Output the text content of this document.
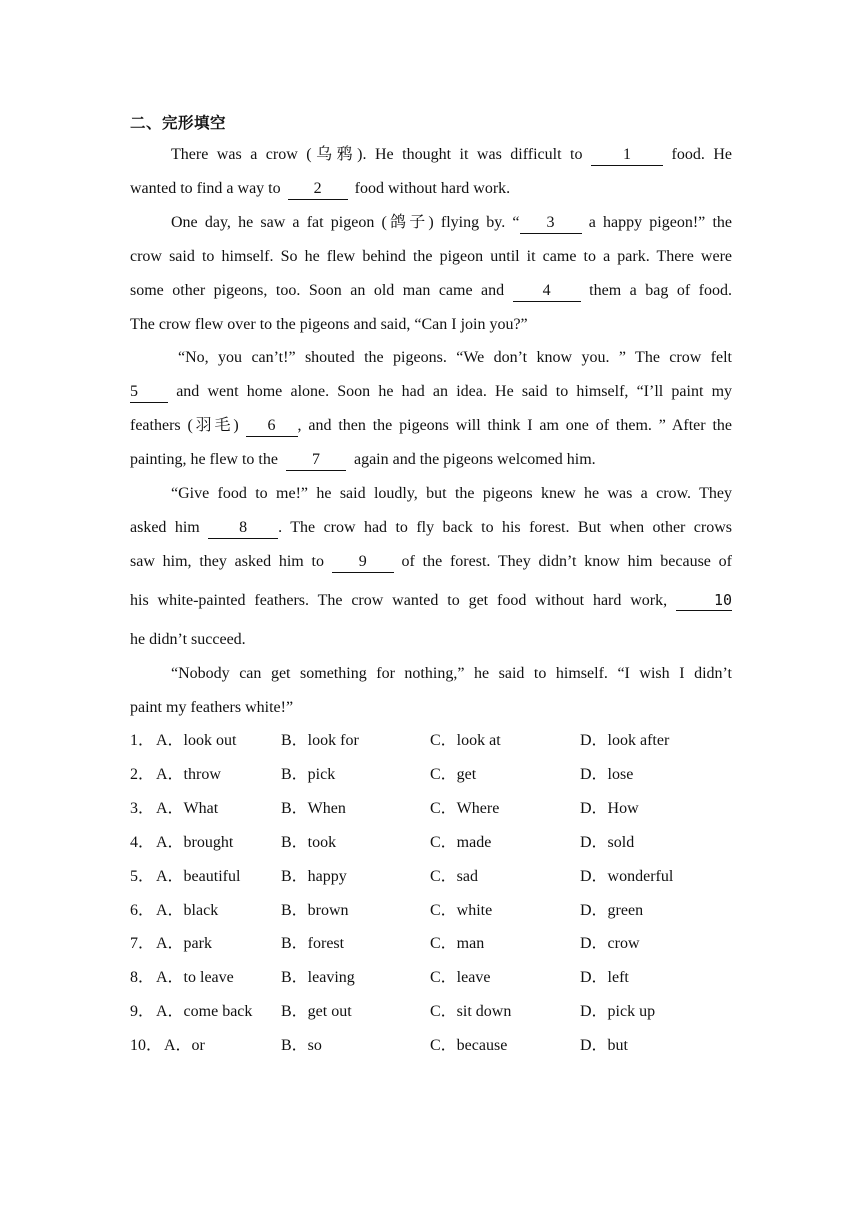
二、完形填空
There was a crow (乌鸦). He thought it was difficult to	1	food. He
wanted to find a way to 2 food without hard work.
One day, he saw a fat pigeon (鸽子) flying by. “ 3 a happy pigeon!” the
crow said to himself. So he flew behind the pigeon until it came to a park. There were
some other pigeons, too. Soon an old man came and 4 them a bag of food.
The crow flew over to the pigeons and said, “Can I join you?”
“No, you can’t!” shouted the pigeons. “We don’t know you. ” The crow felt
5 and went home alone. Soon he had an idea. He said to himself, “I’ll paint my
feathers (羽毛) 6 , and then the pigeons will think I am one of them. ” After the
painting, he flew to the 7 again and the pigeons welcomed him.
“Give food to me!” he said loudly, but the pigeons knew he was a crow. They
asked him 8 . The crow had to fly back to his forest. But when other crows
saw him, they asked him to 9 of the forest. They didn’t know him because of
his white-painted feathers. The crow wanted to get food without hard work,	10
he didn’t succeed.
“Nobody can get something for nothing,” he said to himself. “I wish I didn’t
paint my feathers white!”
1． A．look out	B．look for	C．look at	D．look after
2． A．throw	B．pick	C．get	D．lose
3． A．What	B．When	C．Where	D．How
4． A．brought	B．took	C．made	D．sold
5． A．beautiful	B．happy	C．sad	D．wonderful
6． A．black	B．brown	C．white	D．green
7． A．park	B．forest	C．man	D．crow
8． A．to leave	B．leaving	C．leave	D．left
9． A．come back B．get out	C．sit down	D．pick up
10． A．or	B．so	C．because	D．but
